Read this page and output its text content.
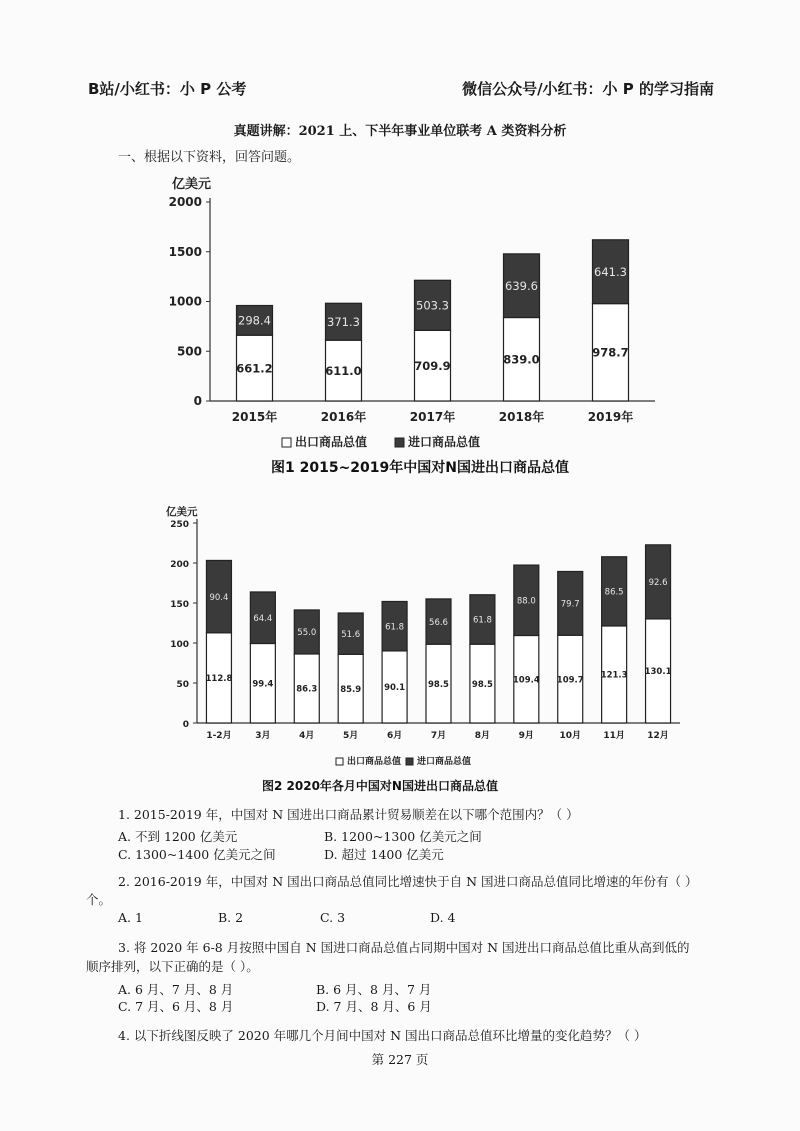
B站/小红书：小 P 公考	微信公众号/小红书：小 P 的学习指南
真题讲解：2021 上、下半年事业单位联考 A 类资料分析
一、根据以下资料，回答问题。
亿美元
0
500
1000
1500
2000
661.2
298.4
2015年
611.0
371.3
2016年
709.9
503.3
2017年
839.0
639.6
2018年
978.7
641.3
2019年
出口商品总值	进口商品总值
图1 2015~2019年中国对N国进出口商品总值
亿美元
0
50
100
150
200
250
112.8
90.4
1-2月
99.4
64.4
3月
86.3
55.0
4月
85.9
51.6
5月
90.1
61.8
6月
98.5
56.6
7月
98.5
61.8
8月
109.4
88.0
9月
109.7
79.7
10月
121.3
86.5
11月
130.1
92.6
12月
出口商品总值 进口商品总值
图2 2020年各月中国对N国进出口商品总值
1. 2015-2019 年，中国对 N 国进出口商品累计贸易顺差在以下哪个范围内？（ ）
A. 不到 1200 亿美元	B. 1200~1300 亿美元之间
C. 1300~1400 亿美元之间	D. 超过 1400 亿美元
2. 2016-2019 年，中国对 N 国出口商品总值同比增速快于自 N 国进口商品总值同比增速的年份有（ ）
个。
A. 1	B. 2	C. 3	D. 4
3. 将 2020 年 6-8 月按照中国自 N 国进口商品总值占同期中国对 N 国进出口商品总值比重从高到低的
顺序排列，以下正确的是（ ）。
A. 6 月、7 月、8 月	B. 6 月、8 月、7 月
C. 7 月、6 月、8 月	D. 7 月、8 月、6 月
4. 以下折线图反映了 2020 年哪几个月间中国对 N 国出口商品总值环比增量的变化趋势？（ ）
第 227 页
